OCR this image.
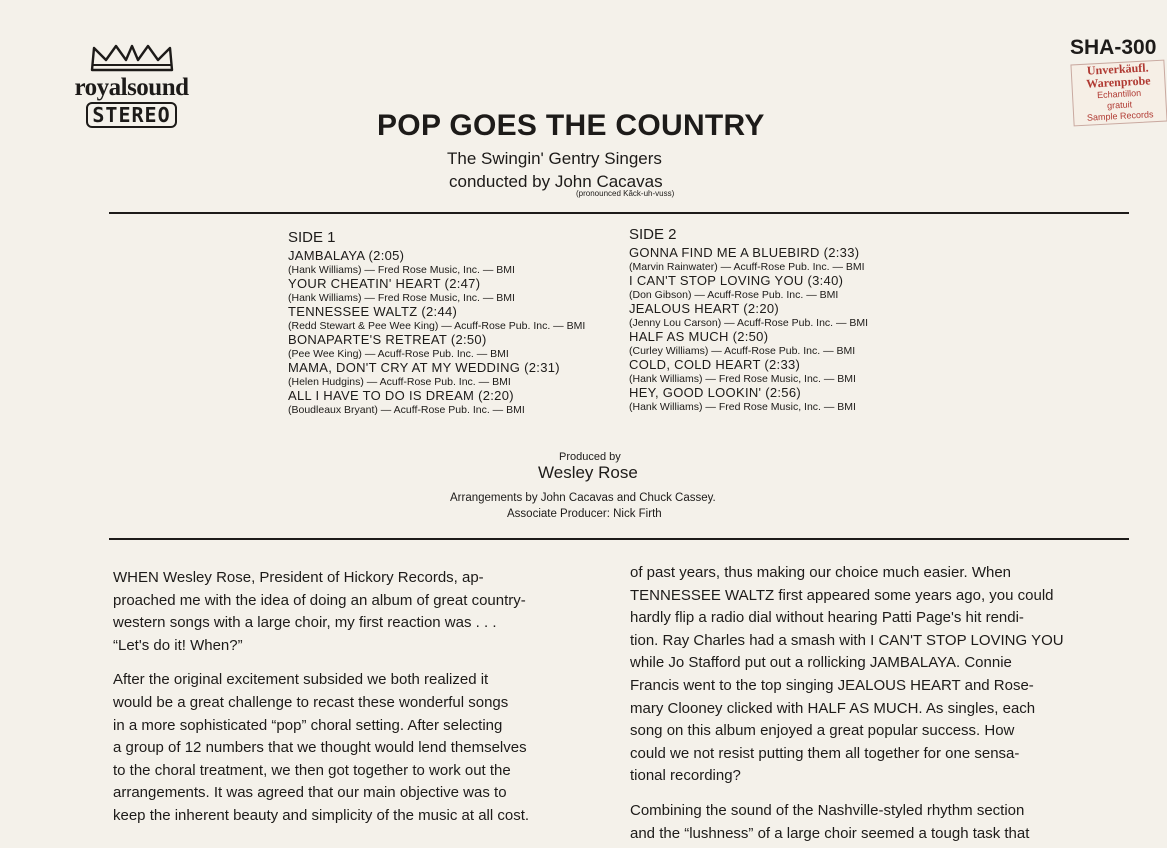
royalsound
STEREO
SHA-300
Unverkäufl.
Warenprobe
Echantillon
gratuit
Sample Records
POP GOES THE COUNTRY
The Swingin' Gentry Singers
conducted by John Cacavas
(pronounced Kăck-uh-vuss)
SIDE 1
JAMBALAYA (2:05)
(Hank Williams) — Fred Rose Music, Inc. — BMI
YOUR CHEATIN' HEART (2:47)
(Hank Williams) — Fred Rose Music, Inc. — BMI
TENNESSEE WALTZ (2:44)
(Redd Stewart & Pee Wee King) — Acuff-Rose Pub. Inc. — BMI
BONAPARTE'S RETREAT (2:50)
(Pee Wee King) — Acuff-Rose Pub. Inc. — BMI
MAMA, DON'T CRY AT MY WEDDING (2:31)
(Helen Hudgins) — Acuff-Rose Pub. Inc. — BMI
ALL I HAVE TO DO IS DREAM (2:20)
(Boudleaux Bryant) — Acuff-Rose Pub. Inc. — BMI
SIDE 2
GONNA FIND ME A BLUEBIRD (2:33)
(Marvin Rainwater) — Acuff-Rose Pub. Inc. — BMI
I CAN'T STOP LOVING YOU (3:40)
(Don Gibson) — Acuff-Rose Pub. Inc. — BMI
JEALOUS HEART (2:20)
(Jenny Lou Carson) — Acuff-Rose Pub. Inc. — BMI
HALF AS MUCH (2:50)
(Curley Williams) — Acuff-Rose Pub. Inc. — BMI
COLD, COLD HEART (2:33)
(Hank Williams) — Fred Rose Music, Inc. — BMI
HEY, GOOD LOOKIN' (2:56)
(Hank Williams) — Fred Rose Music, Inc. — BMI
Produced by
Wesley Rose
Arrangements by John Cacavas and Chuck Cassey.
Associate Producer: Nick Firth

WHEN Wesley Rose, President of Hickory Records, ap-

proached me with the idea of doing an album of great country-

western songs with a large choir, my first reaction was . . .

“Let's do it! When?”

After the original excitement subsided we both realized it

would be a great challenge to recast these wonderful songs

in a more sophisticated “pop” choral setting. After selecting

a group of 12 numbers that we thought would lend themselves

to the choral treatment, we then got together to work out the

arrangements. It was agreed that our main objective was to

keep the inherent beauty and simplicity of the music at all cost.

of past years, thus making our choice much easier. When

TENNESSEE WALTZ first appeared some years ago, you could

hardly flip a radio dial without hearing Patti Page's hit rendi-

tion. Ray Charles had a smash with I CAN'T STOP LOVING YOU

while Jo Stafford put out a rollicking JAMBALAYA. Connie

Francis went to the top singing JEALOUS HEART and Rose-

mary Clooney clicked with HALF AS MUCH. As singles, each

song on this album enjoyed a great popular success. How

could we not resist putting them all together for one sensa-

tional recording?

Combining the sound of the Nashville-styled rhythm section

and the “lushness” of a large choir seemed a tough task that
